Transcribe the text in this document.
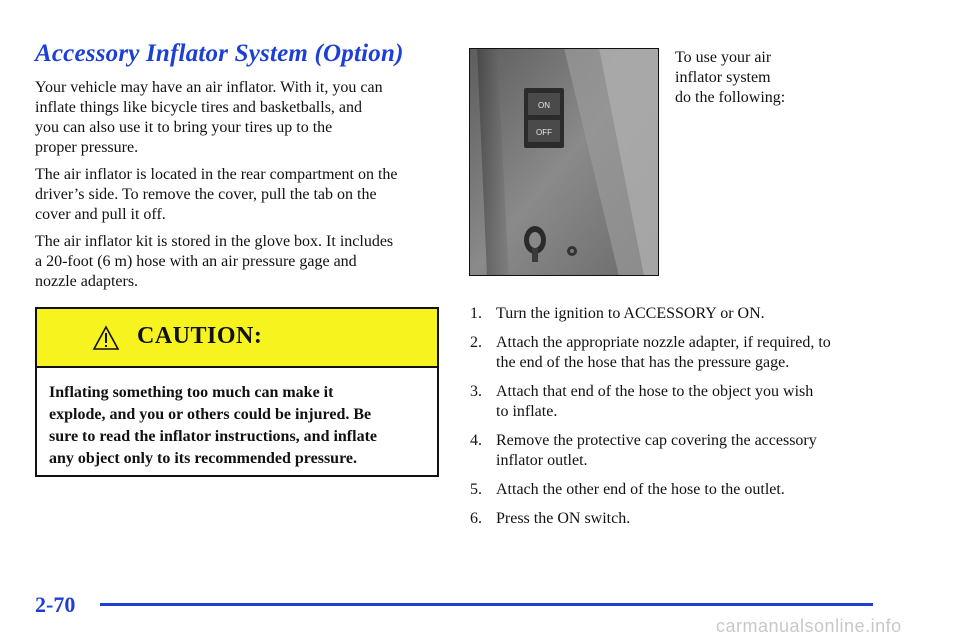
Accessory Inflator System (Option)

Your vehicle may have an air inflator. With it, you can
inflate things like bicycle tires and basketballs, and
you can also use it to bring your tires up to the
proper pressure.

The air inflator is located in the rear compartment on the
driver’s side. To remove the cover, pull the tab on the
cover and pull it off.

The air inflator kit is stored in the glove box. It includes
a 20-foot (6 m) hose with an air pressure gage and
nozzle adapters.

CAUTION:
Inflating something too much can make it
explode, and you or others could be injured. Be
sure to read the inflator instructions, and inflate
any object only to its recommended pressure.
ON
OFF

To use your air
inflator system
do the following:

1. Turn the ignition to ACCESSORY or ON.
2. Attach the appropriate nozzle adapter, if required, to
the end of the hose that has the pressure gage.
3. Attach that end of the hose to the object you wish
to inflate.
4. Remove the protective cap covering the accessory
inflator outlet.
5. Attach the other end of the hose to the outlet.
6. Press the ON switch.
2-70
carmanualsonline.info
